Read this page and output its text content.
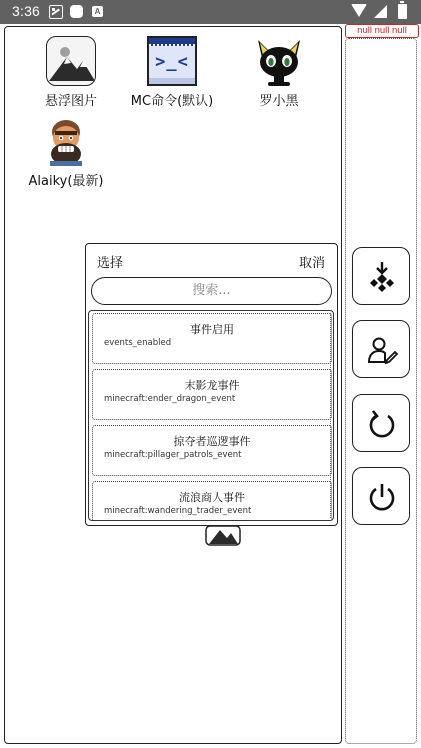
3:36	A
悬浮图片
>_<
MC命令(默认)	罗小黑
Alaiky(最新)
null null null
选择	取消
搜索...
事件启用
events_enabled
末影龙事件
minecraft:ender_dragon_event
掠夺者巡逻事件
minecraft:pillager_patrols_event
流浪商人事件
minecraft:wandering_trader_event
